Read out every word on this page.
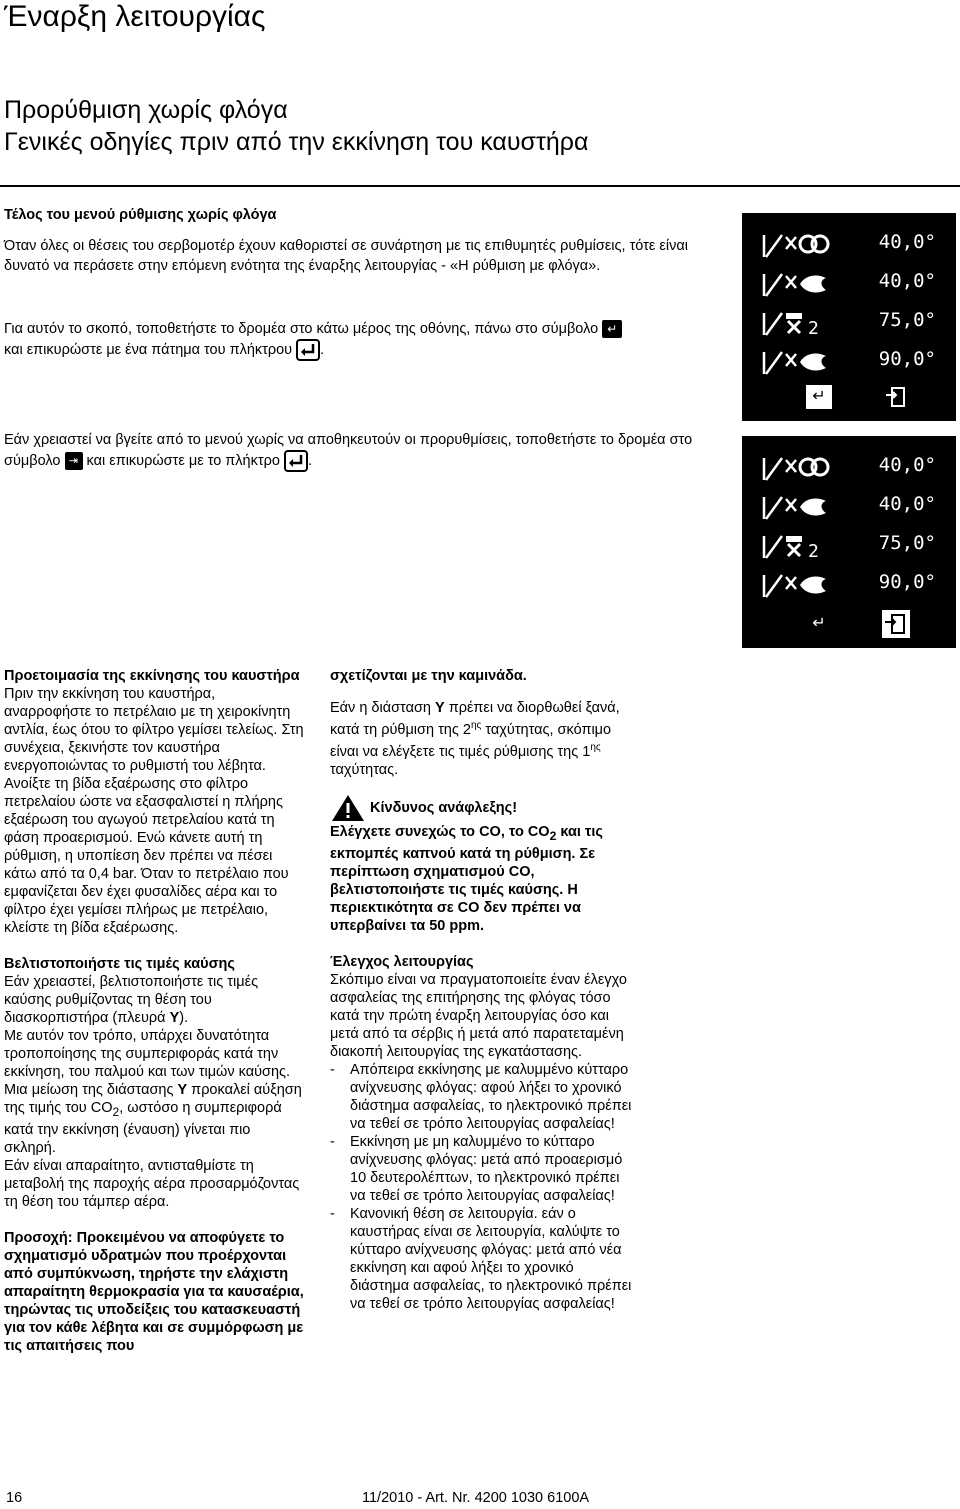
Έναρξη λειτουργίας
Προρύθμιση χωρίς φλόγα
Γενικές οδηγίες πριν από την εκκίνηση του καυστήρα
Τέλος του μενού ρύθμισης χωρίς φλόγα
Όταν όλες οι θέσεις του σερβομοτέρ έχουν καθοριστεί σε συνάρτηση με τις επιθυμητές ρυθμίσεις, τότε είναι δυνατό να περάσετε στην επόμενη ενότητα της έναρξης λειτουργίας - «Η ρύθμιση με φλόγα».
Για αυτόν το σκοπό, τοποθετήστε το δρομέα στο κάτω μέρος της οθόνης, πάνω στο σύμβολο ↵
και επικυρώστε με ένα πάτημα του πλήκτρου .
Εάν χρειαστεί να βγείτε από το μενού χωρίς να αποθηκευτούν οι προρυθμίσεις, τοποθετήστε το δρομέα στο σύμβολο ⇥ και επικυρώστε με το πλήκτρο .
40,0°
40,0°
2	75,0°
90,0°
↵
40,0°
40,0°
2	75,0°
90,0°
↵

Προετοιμασία της εκκίνησης του καυστήρα

Πριν την εκκίνηση του καυστήρα, αναρροφήστε το πετρέλαιο με τη χειροκίνητη αντλία, έως ότου το φίλτρο γεμίσει τελείως. Στη συνέχεια, ξεκινήστε τον καυστήρα ενεργοποιώντας το ρυθμιστή του λέβητα. Ανοίξτε τη βίδα εξαέρωσης στο φίλτρο πετρελαίου ώστε να εξασφαλιστεί η πλήρης εξαέρωση του αγωγού πετρελαίου κατά τη φάση προαερισμού. Ενώ κάνετε αυτή τη ρύθμιση, η υποπίεση δεν πρέπει να πέσει κάτω από τα 0,4 bar. Όταν το πετρέλαιο που εμφανίζεται δεν έχει φυσαλίδες αέρα και το φίλτρο έχει γεμίσει πλήρως με πετρέλαιο, κλείστε τη βίδα εξαέρωσης.

Βελτιστοποιήστε τις τιμές καύσης

Εάν χρειαστεί, βελτιστοποιήστε τις τιμές καύσης ρυθμίζοντας τη θέση του διασκορπιστήρα (πλευρά Y).

Με αυτόν τον τρόπο, υπάρχει δυνατότητα τροποποίησης της συμπεριφοράς κατά την εκκίνηση, του παλμού και των τιμών καύσης. Μια μείωση της διάστασης Y προκαλεί αύξηση της τιμής του $CO_2$, ωστόσο η συμπεριφορά κατά την εκκίνηση (έναυση) γίνεται πιο σκληρή.

Εάν είναι απαραίτητο, αντισταθμίστε τη μεταβολή της παροχής αέρα προσαρμόζοντας τη θέση του τάμπερ αέρα.

Προσοχή: Προκειμένου να αποφύγετε το σχηματισμό υδρατμών που προέρχονται από συμπύκνωση, τηρήστε την ελάχιστη απαραίτητη θερμοκρασία για τα καυσαέρια, τηρώντας τις υποδείξεις του κατασκευαστή για τον κάθε λέβητα και σε συμμόρφωση με τις απαιτήσεις που

σχετίζονται με την καμινάδα.

Εάν η διάσταση Y πρέπει να διορθωθεί ξανά, κατά τη ρύθμιση της $2^{\eta\varsigma}$ ταχύτητας, σκόπιμο είναι να ελέγξετε τις τιμές ρύθμισης της $1^{\eta\varsigma}$ ταχύτητας.

Κίνδυνος ανάφλεξης!

Ελέγχετε συνεχώς το CO, το $CO_2$ και τις εκπομπές καπνού κατά τη ρύθμιση. Σε περίπτωση σχηματισμού CO, βελτιστοποιήστε τις τιμές καύσης. Η περιεκτικότητα σε CO δεν πρέπει να υπερβαίνει τα 50 ppm.

Έλεγχος λειτουργίας

Σκόπιμο είναι να πραγματοποιείτε έναν έλεγχο ασφαλείας της επιτήρησης της φλόγας τόσο κατά την πρώτη έναρξη λειτουργίας όσο και μετά από τα σέρβις ή μετά από παρατεταμένη διακοπή λειτουργίας της εγκατάστασης.

- Απόπειρα εκκίνησης με καλυμμένο κύτταρο ανίχνευσης φλόγας: αφού λήξει το χρονικό διάστημα ασφαλείας, το ηλεκτρονικό πρέπει να τεθεί σε τρόπο λειτουργίας ασφαλείας!
- Εκκίνηση με μη καλυμμένο το κύτταρο ανίχνευσης φλόγας: μετά από προαερισμό 10 δευτερολέπτων, το ηλεκτρονικό πρέπει να τεθεί σε τρόπο λειτουργίας ασφαλείας!
- Κανονική θέση σε λειτουργία. εάν ο καυστήρας είναι σε λειτουργία, καλύψτε το κύτταρο ανίχνευσης φλόγας: μετά από νέα εκκίνηση και αφού λήξει το χρονικό διάστημα ασφαλείας, το ηλεκτρονικό πρέπει να τεθεί σε τρόπο λειτουργίας ασφαλείας!
16	11/2010 - Art. Nr. 4200 1030 6100A
